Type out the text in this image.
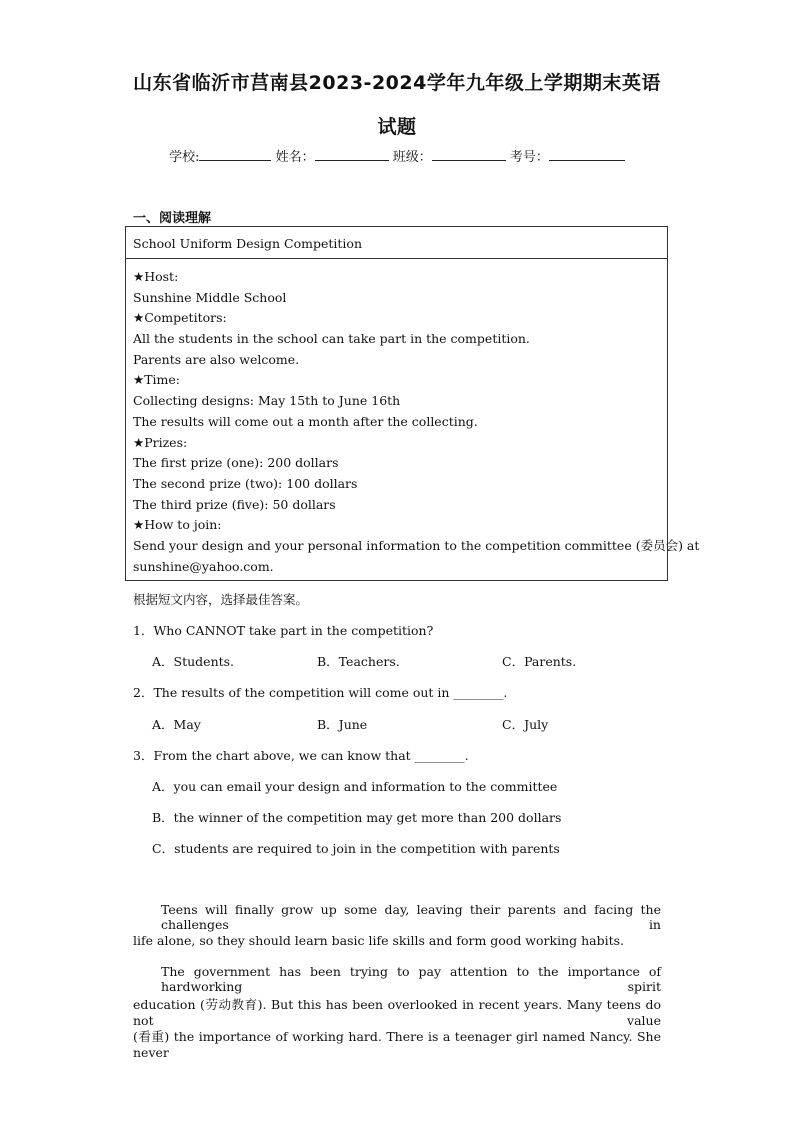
山东省临沂市莒南县2023-2024学年九年级上学期期末英语
试题
学校:	姓名：	班级：	考号：
一、阅读理解
School Uniform Design Competition
★Host:
Sunshine Middle School
★Competitors:
All the students in the school can take part in the competition.
Parents are also welcome.
★Time:
Collecting designs: May 15th to June 16th
The results will come out a month after the collecting.
★Prizes:
The first prize (one): 200 dollars
The second prize (two): 100 dollars
The third prize (five): 50 dollars
★How to join:
Send your design and your personal information to the competition committee (委员会) at
sunshine@yahoo.com.
根据短文内容，选择最佳答案。
1．Who CANNOT take part in the competition?
A．Students.	B．Teachers.	C．Parents.
2．The results of the competition will come out in ________.
A．May	B．June	C．July
3．From the chart above, we can know that ________.
A．you can email your design and information to the committee
B．the winner of the competition may get more than 200 dollars
C．students are required to join in the competition with parents
Teens will finally grow up some day, leaving their parents and facing the challenges in
life alone, so they should learn basic life skills and form good working habits.
The government has been trying to pay attention to the importance of hardworking spirit
education (劳动教育). But this has been overlooked in recent years. Many teens do not value
(看重) the importance of working hard. There is a teenager girl named Nancy. She never
